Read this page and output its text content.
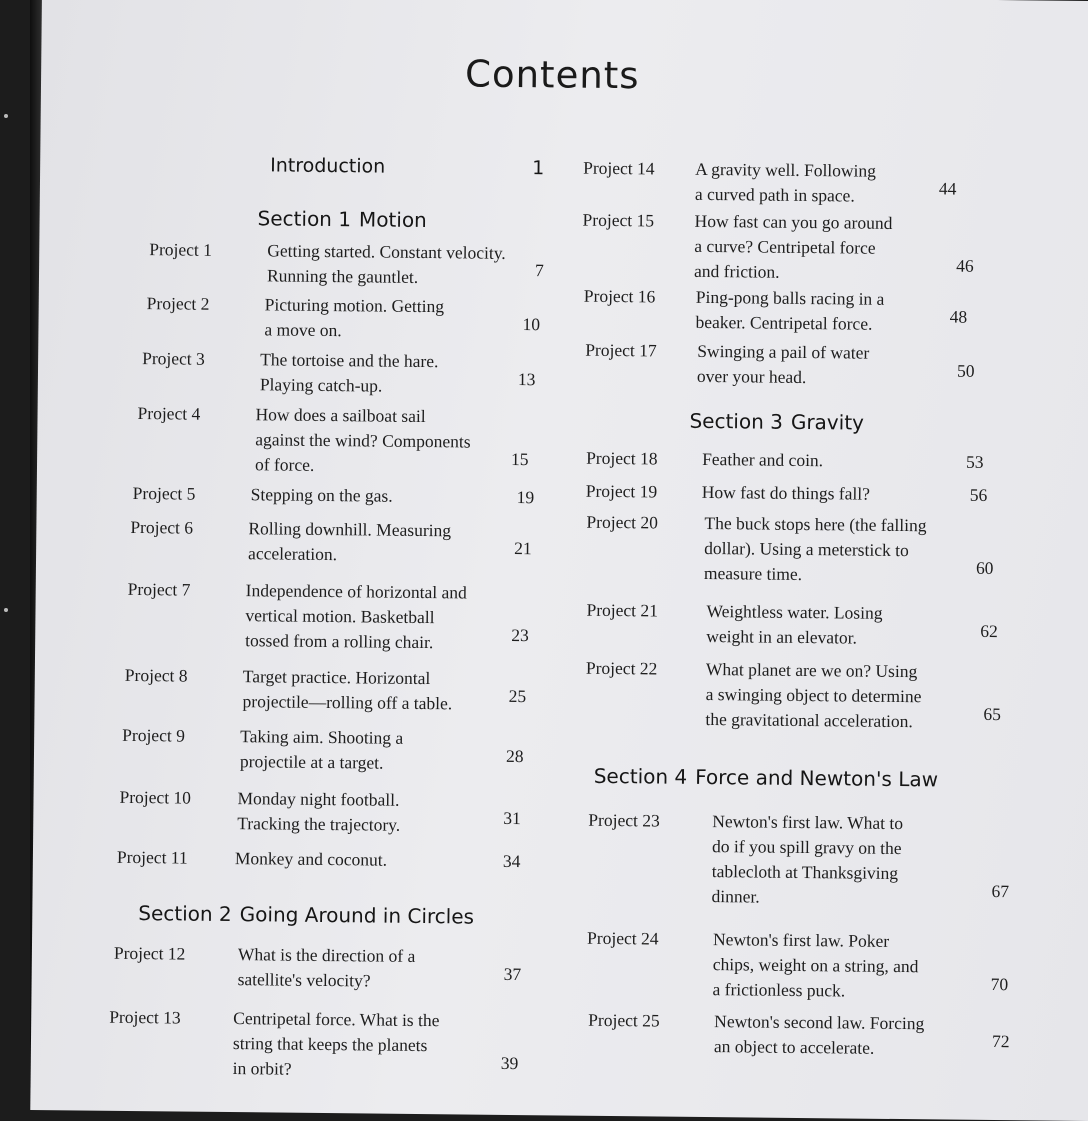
Contents
Introduction	1
Section 1 Motion
Section 2 Going Around in Circles
Section 3 Gravity
Section 4 Force and Newton's Law
Project 1	Getting started. Constant velocity.
Running the gauntlet.	7
Project 2	Picturing motion. Getting
a move on.	10
Project 3	The tortoise and the hare.
Playing catch-up.	13
Project 4	How does a sailboat sail
against the wind? Components
of force.	15
Project 5	Stepping on the gas.	19
Project 6	Rolling downhill. Measuring
acceleration.	21
Project 7	Independence of horizontal and
vertical motion. Basketball
tossed from a rolling chair.	23
Project 8	Target practice. Horizontal
projectile—rolling off a table.	25
Project 9	Taking aim. Shooting a
projectile at a target.	28
Project 10	Monday night football.
Tracking the trajectory.	31
Project 11	Monkey and coconut.	34
Project 12	What is the direction of a
satellite's velocity?	37
Project 13	Centripetal force. What is the
string that keeps the planets
in orbit?	39
Project 14 A gravity well. Following
a curved path in space.	44
Project 15 How fast can you go around
a curve? Centripetal force
and friction.	46
Project 16 Ping-pong balls racing in a
beaker. Centripetal force.	48
Project 17 Swinging a pail of water
over your head.	50
Project 18	Feather and coin.	53
Project 19	How fast do things fall?	56
Project 20	The buck stops here (the falling
dollar). Using a meterstick to
measure time.	60
Project 21	Weightless water. Losing
weight in an elevator.	62
Project 22	What planet are we on? Using
a swinging object to determine
the gravitational acceleration.	65
Project 23	Newton's first law. What to
do if you spill gravy on the
tablecloth at Thanksgiving
dinner.	67
Project 24	Newton's first law. Poker
chips, weight on a string, and
a frictionless puck.	70
Project 25	Newton's second law. Forcing
an object to accelerate.	72
